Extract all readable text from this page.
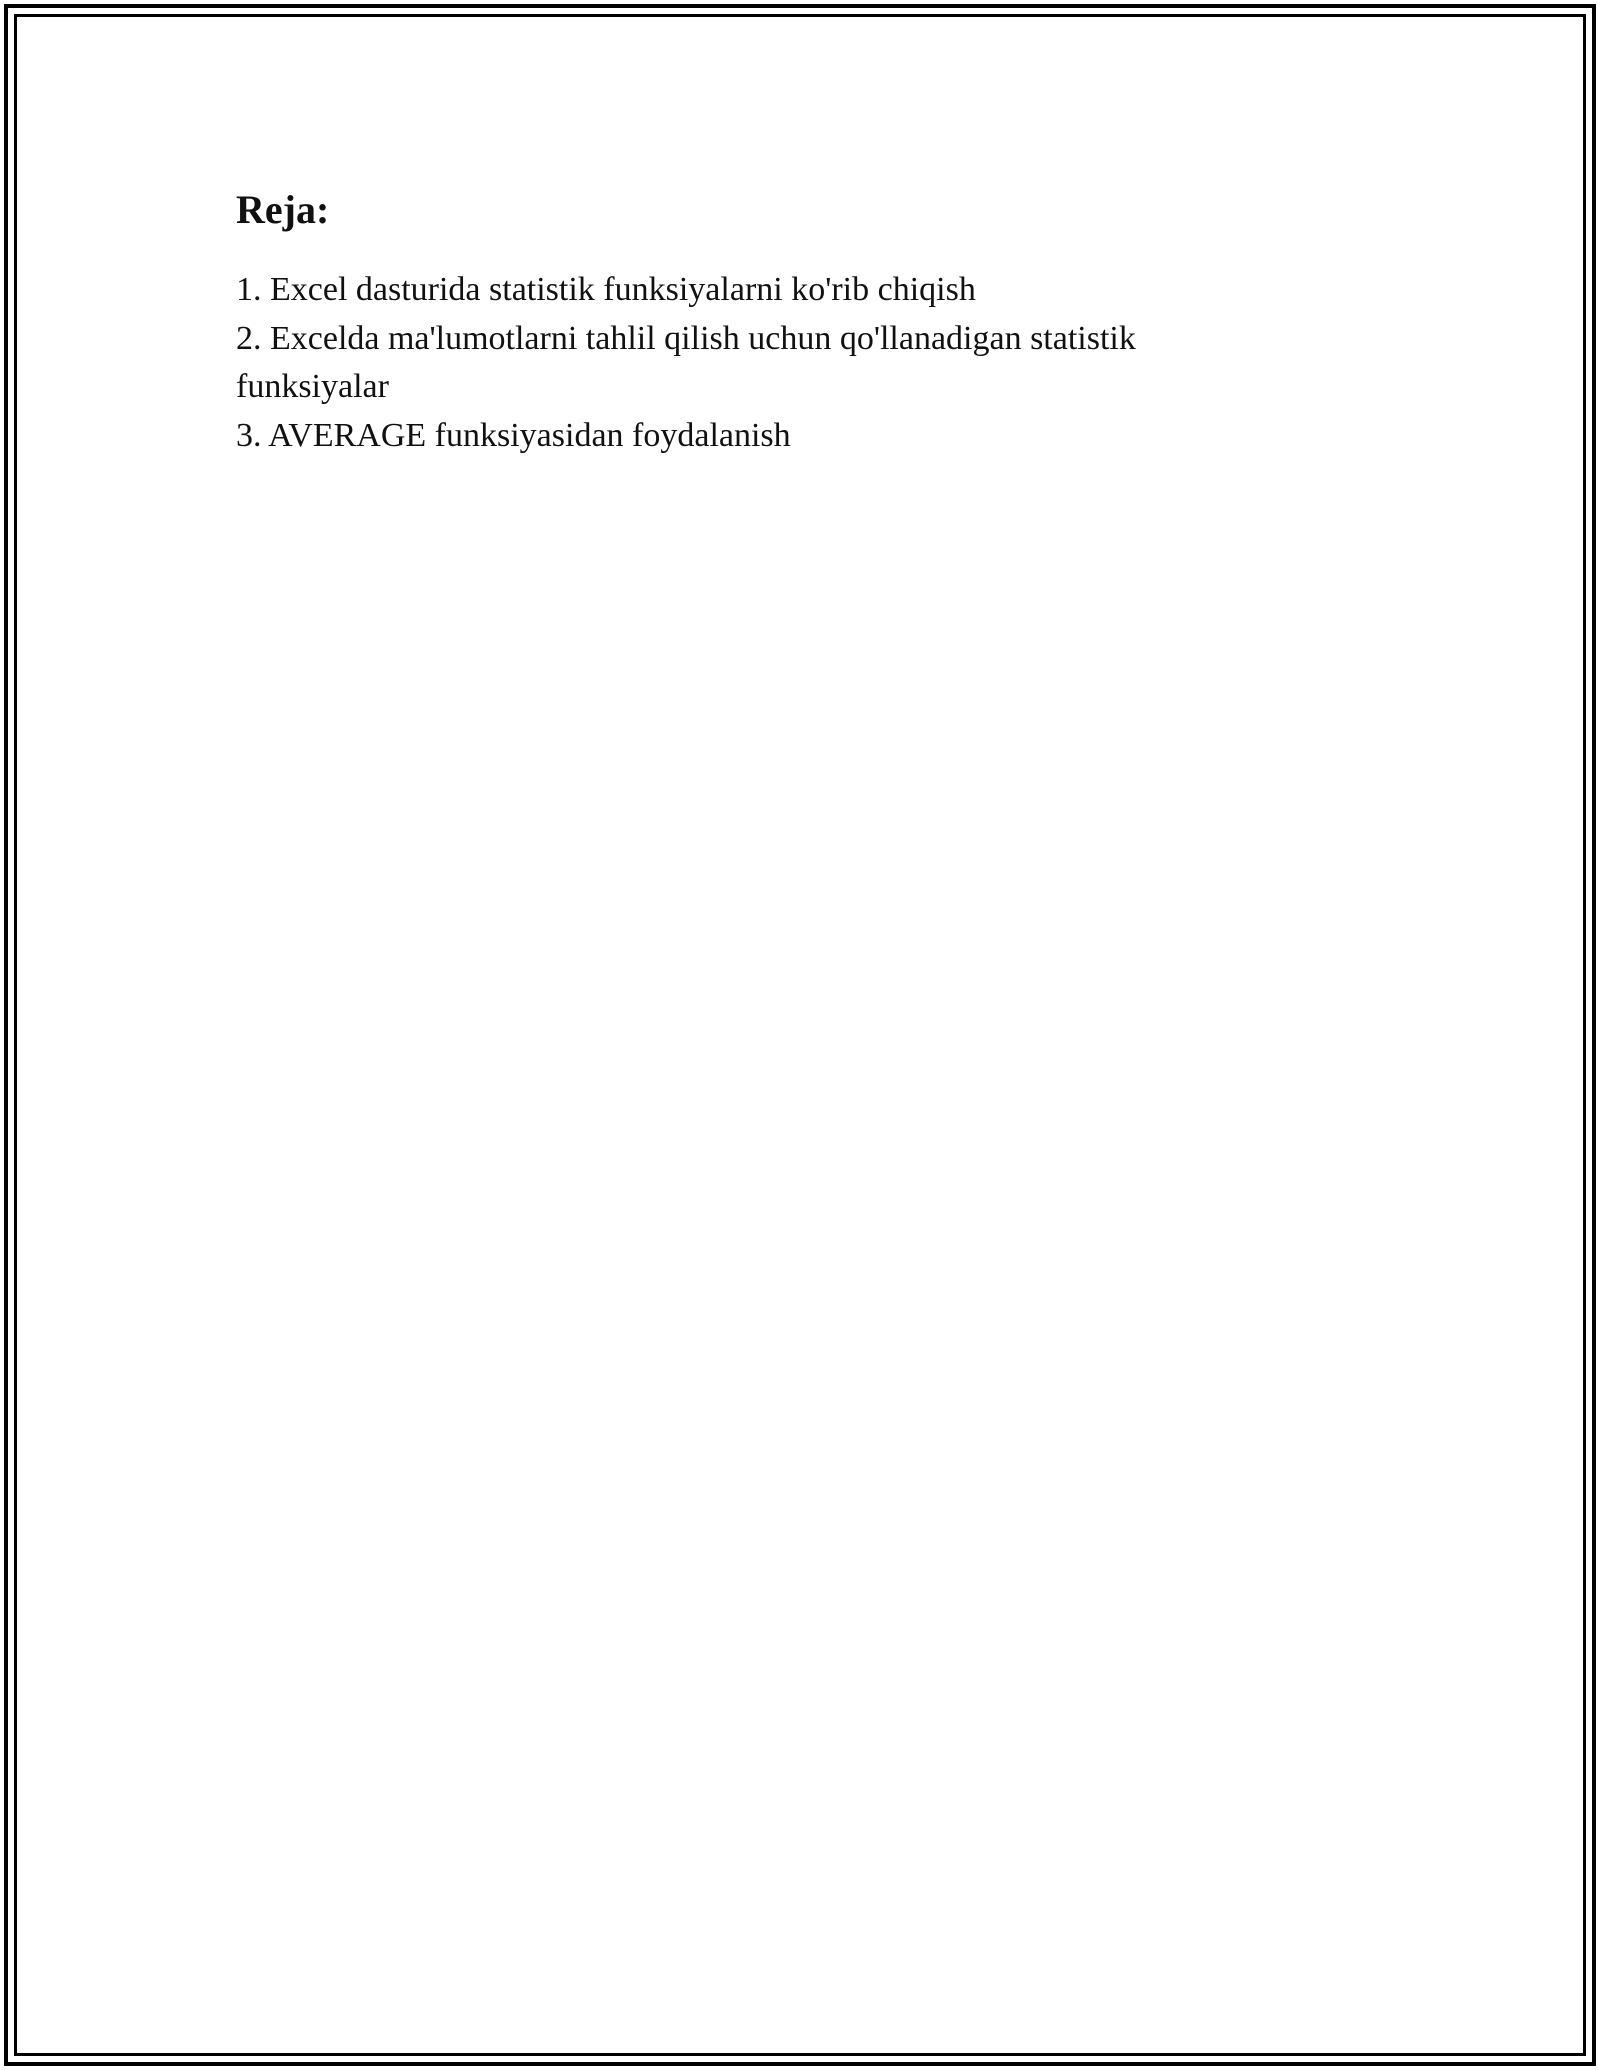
Reja:
1. Excel dasturida statistik funksiyalarni ko'rib chiqish
2. Excelda ma'lumotlarni tahlil qilish uchun qo'llanadigan statistik funksiyalar
3. AVERAGE funksiyasidan foydalanish
